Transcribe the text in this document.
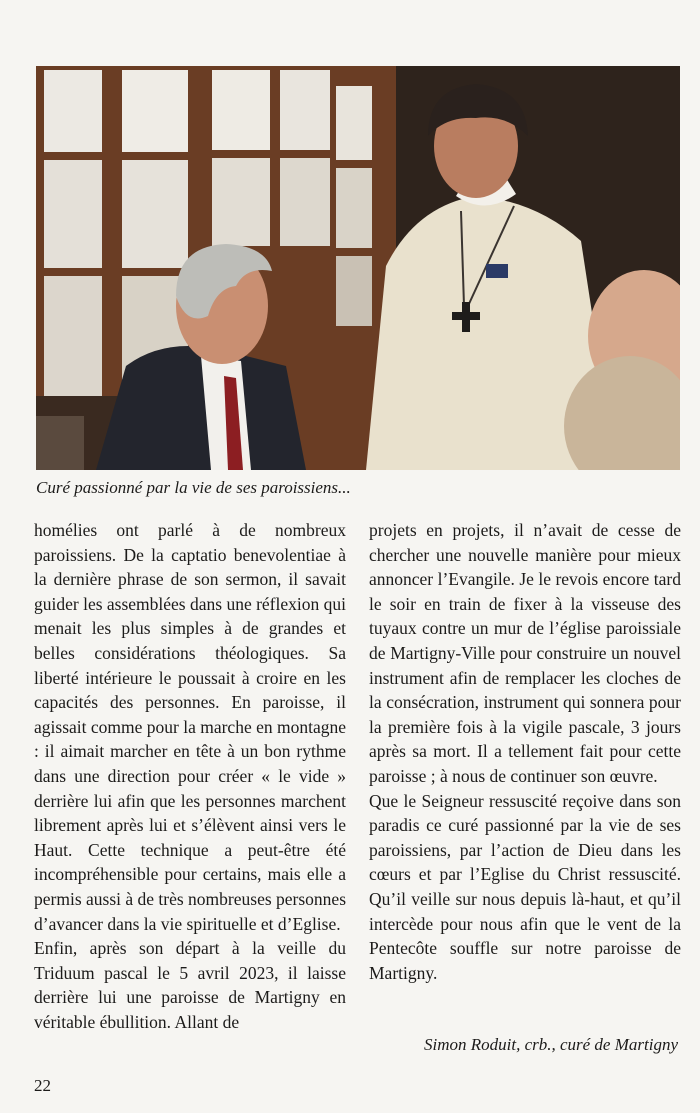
Curé passionné par la vie de ses paroissiens...

homélies ont parlé à de nombreux paroissiens. De la captatio benevolentiae à la dernière phrase de son sermon, il savait guider les assemblées dans une réflexion qui menait les plus simples à de grandes et belles considérations théologiques. Sa liberté intérieure le poussait à croire en les capacités des personnes. En paroisse, il agissait comme pour la marche en montagne : il aimait marcher en tête à un bon rythme dans une direction pour créer « le vide » derrière lui afin que les personnes marchent librement après lui et s’élèvent ainsi vers le Haut. Cette technique a peut-être été incompréhensible pour certains, mais elle a permis aussi à de très nombreuses personnes d’avancer dans la vie spirituelle et d’Eglise.

Enfin, après son départ à la veille du Triduum pascal le 5 avril 2023, il laisse derrière lui une paroisse de Martigny en véritable ébullition. Allant de

projets en projets, il n’avait de cesse de chercher une nouvelle manière pour mieux annoncer l’Evangile. Je le revois encore tard le soir en train de fixer à la visseuse des tuyaux contre un mur de l’église paroissiale de Martigny-Ville pour construire un nouvel instrument afin de remplacer les cloches de la consécration, instrument qui sonnera pour la première fois à la vigile pascale, 3 jours après sa mort. Il a tellement fait pour cette paroisse ; à nous de continuer son œuvre.

Que le Seigneur ressuscité reçoive dans son paradis ce curé passionné par la vie de ses paroissiens, par l’action de Dieu dans les cœurs et par l’Eglise du Christ ressuscité. Qu’il veille sur nous depuis là-haut, et qu’il intercède pour nous afin que le vent de la Pentecôte souffle sur notre paroisse de Martigny.

Simon Roduit, crb., curé de Martigny

22
